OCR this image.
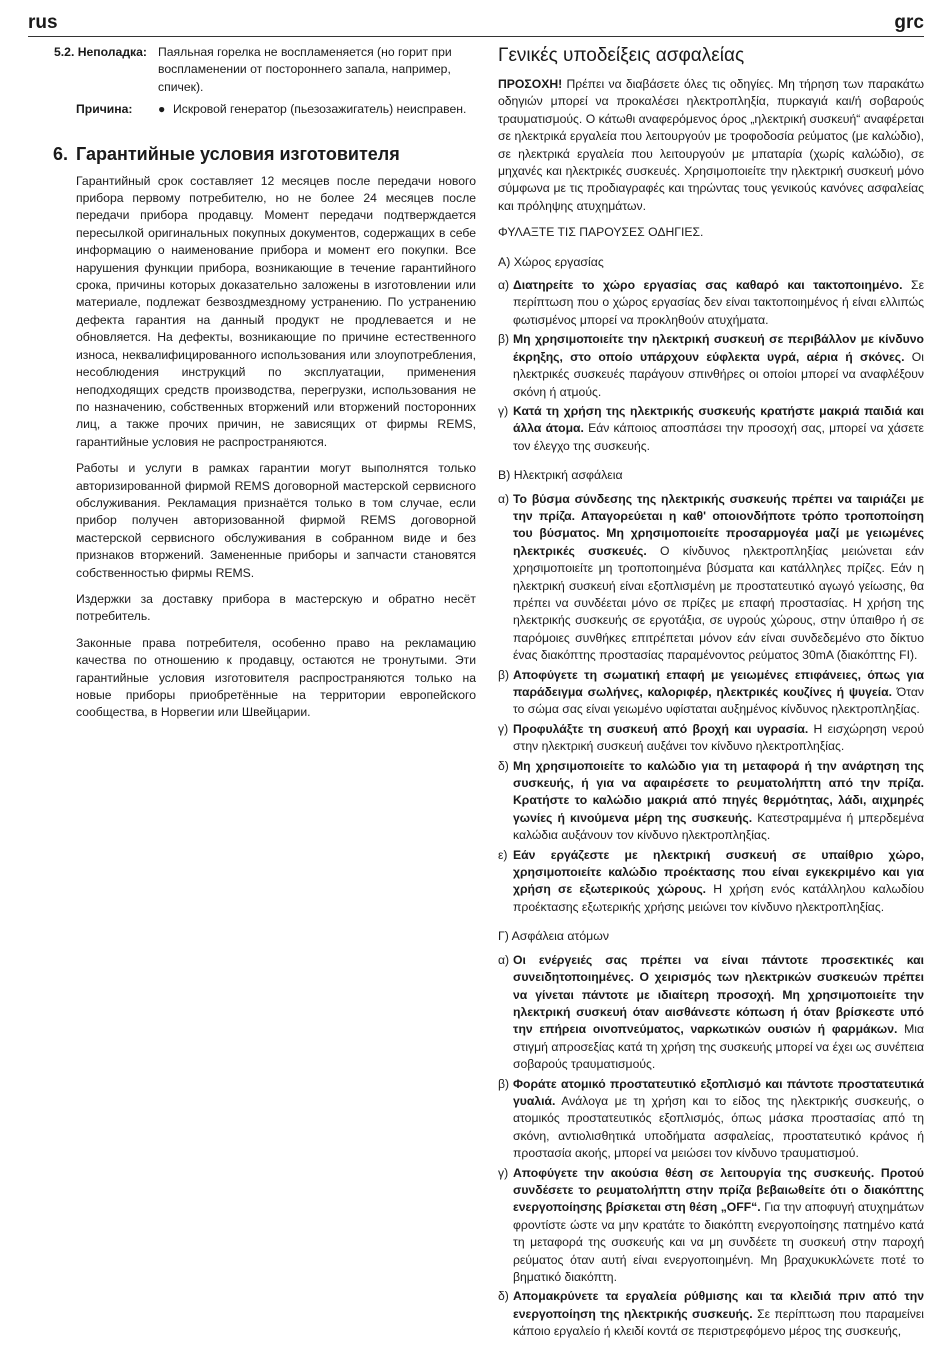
rus	grc
5.2. Неполадка: Паяльная горелка не воспламеняется (но горит при воспламенении от постороннего запала, например, спичек).
Причина:	● Искровой генератор (пьезозажигатель) неисправен.
6. Гарантийные условия изготовителя

Гарантийный срок составляет 12 месяцев после передачи нового прибора первому потребителю, но не более 24 месяцев после передачи прибора продавцу. Момент передачи подтверждается пересылкой оригинальных покупных документов, содержащих в себе информацию о наименование прибора и момент его покупки. Все нарушения функции прибора, возникающие в течение гарантийного срока, причины которых доказательно заложены в изготовлении или материале, подлежат безвоздмездному устранению. По устранению дефекта гарантия на данный продукт не продлевается и не обновляется. На дефекты, возникающие по причине естественного износа, неквалифицированного использования или злоупотребления, несоблюдения инструкций по эксплуатации, применения неподходящих средств производства, перегрузки, использования не по назначению, собственных вторжений или вторжений посторонних лиц, а также прочих причин, не зависящих от фирмы REMS, гарантийные условия не распространяются.

Работы и услуги в рамках гарантии могут выполнятся только авторизированной фирмой REMS договорной мастерской сервисного обслуживания. Рекламация признаётся только в том случае, если прибор получен авторизованной фирмой REMS договорной мастерской сервисного обслуживания в собранном виде и без признаков вторжений. Замененные приборы и запчасти становятся собственностью фирмы REMS.

Издержки за доставку прибора в мастерскую и обратно несёт потребитель.

Законные права потребителя, особенно право на рекламацию качества по отношению к продавцу, остаются не тронутыми. Эти гарантийные условия изготовителя распространяются только на новые приборы приобретённые на территории европейского сообщества, в Норвегии или Швейцарии.

Γενικές υποδείξεις ασφαλείας

ΠΡΟΣΟΧΗ! Πρέπει να διαβάσετε όλες τις οδηγίες. Μη τήρηση των παρακάτω οδηγιών μπορεί να προκαλέσει ηλεκτροπληξία, πυρκαγιά και/ή σοβαρούς τραυματισμούς. Ο κάτωθι αναφερόμενος όρος „ηλεκτρική συσκευή“ αναφέρεται σε ηλεκτρικά εργαλεία που λειτουργούν με τροφοδοσία ρεύματος (με καλώδιο), σε ηλεκτρικά εργαλεία που λειτουργούν με μπαταρία (χωρίς καλώδιο), σε μηχανές και ηλεκτρικές συσκευές. Χρησιμοποιείτε την ηλεκτρική συσκευή μόνο σύμφωνα με τις προδιαγραφές και τηρώντας τους γενικούς κανόνες ασφαλείας και πρόληψης ατυχημάτων.

ΦΥΛΑΞΤΕ ΤΙΣ ΠΑΡΟΥΣΕΣ ΟΔΗΓΙΕΣ.

Α) Χώρος εργασίας
α) Διατηρείτε το χώρο εργασίας σας καθαρό και τακτοποιημένο. Σε περίπτωση που ο χώρος εργασίας δεν είναι τακτοποιημένος ή είναι ελλιπώς φωτισμένος μπορεί να προκληθούν ατυχήματα.
β) Μη χρησιμοποιείτε την ηλεκτρική συσκευή σε περιβάλλον με κίνδυνο έκρηξης, στο οποίο υπάρχουν εύφλεκτα υγρά, αέρια ή σκόνες. Οι ηλεκτρικές συσκευές παράγουν σπινθήρες οι οποίοι μπορεί να αναφλέξουν σκόνη ή ατμούς.
γ) Κατά τη χρήση της ηλεκτρικής συσκευής κρατήστε μακριά παιδιά και άλλα άτομα. Εάν κάποιος αποσπάσει την προσοχή σας, μπορεί να χάσετε τον έλεγχο της συσκευής.
Β) Ηλεκτρική ασφάλεια
α) Το βύσμα σύνδεσης της ηλεκτρικής συσκευής πρέπει να ταιριάζει με την πρίζα. Απαγορεύεται η καθ' οποιονδήποτε τρόπο τροποποίηση του βύσματος. Μη χρησιμοποιείτε προσαρμογέα μαζί με γειωμένες ηλεκτρικές συσκευές. Ο κίνδυνος ηλεκτροπληξίας μειώνεται εάν χρησιμοποιείτε μη τροποποιημένα βύσματα και κατάλληλες πρίζες. Εάν η ηλεκτρική συσκευή είναι εξοπλισμένη με προστατευτικό αγωγό γείωσης, θα πρέπει να συνδέεται μόνο σε πρίζες με επαφή προστασίας. Η χρήση της ηλεκτρικής συσκευής σε εργοτάξια, σε υγρούς χώρους, στην ύπαιθρο ή σε παρόμοιες συνθήκες επιτρέπεται μόνον εάν είναι συνδεδεμένο στο δίκτυο ένας διακόπτης προστασίας παραμένοντος ρεύματος 30mA (διακόπτης FI).
β) Αποφύγετε τη σωματική επαφή με γειωμένες επιφάνειες, όπως για παράδειγμα σωλήνες, καλοριφέρ, ηλεκτρικές κουζίνες ή ψυγεία. Όταν το σώμα σας είναι γειωμένο υφίσταται αυξημένος κίνδυνος ηλεκτροπληξίας.
γ) Προφυλάξτε τη συσκευή από βροχή και υγρασία. Η εισχώρηση νερού στην ηλεκτρική συσκευή αυξάνει τον κίνδυνο ηλεκτροπληξίας.
δ) Μη χρησιμοποιείτε το καλώδιο για τη μεταφορά ή την ανάρτηση της συσκευής, ή για να αφαιρέσετε το ρευματολήπτη από την πρίζα. Κρατήστε το καλώδιο μακριά από πηγές θερμότητας, λάδι, αιχμηρές γωνίες ή κινούμενα μέρη της συσκευής. Κατεστραμμένα ή μπερδεμένα καλώδια αυξάνουν τον κίνδυνο ηλεκτροπληξίας.
ε) Εάν εργάζεστε με ηλεκτρική συσκευή σε υπαίθριο χώρο, χρησιμοποιείτε καλώδιο προέκτασης που είναι εγκεκριμένο και για χρήση σε εξωτερικούς χώρους. Η χρήση ενός κατάλληλου καλωδίου προέκτασης εξωτερικής χρήσης μειώνει τον κίνδυνο ηλεκτροπληξίας.
Γ) Ασφάλεια ατόμων
α) Οι ενέργειές σας πρέπει να είναι πάντοτε προσεκτικές και συνειδητοποιημένες. Ο χειρισμός των ηλεκτρικών συσκευών πρέπει να γίνεται πάντοτε με ιδιαίτερη προσοχή. Μη χρησιμοποιείτε την ηλεκτρική συσκευή όταν αισθάνεστε κόπωση ή όταν βρίσκεστε υπό την επήρεια οινοπνεύματος, ναρκωτικών ουσιών ή φαρμάκων. Μια στιγμή απροσεξίας κατά τη χρήση της συσκευής μπορεί να έχει ως συνέπεια σοβαρούς τραυματισμούς.
β) Φοράτε ατομικό προστατευτικό εξοπλισμό και πάντοτε προστατευτικά γυαλιά. Ανάλογα με τη χρήση και το είδος της ηλεκτρικής συσκευής, ο ατομικός προστατευτικός εξοπλισμός, όπως μάσκα προστασίας από τη σκόνη, αντιολισθητικά υποδήματα ασφαλείας, προστατευτικό κράνος ή προστασία ακοής, μπορεί να μειώσει τον κίνδυνο τραυματισμού.
γ) Αποφύγετε την ακούσια θέση σε λειτουργία της συσκευής. Προτού συνδέσετε το ρευματολήπτη στην πρίζα βεβαιωθείτε ότι ο διακόπτης ενεργοποίησης βρίσκεται στη θέση „OFF“. Για την αποφυγή ατυχημάτων φροντίστε ώστε να μην κρατάτε το διακόπτη ενεργοποίησης πατημένο κατά τη μεταφορά της συσκευής και να μη συνδέετε τη συσκευή στην παροχή ρεύματος όταν αυτή είναι ενεργοποιημένη. Μη βραχυκυκλώνετε ποτέ το βηματικό διακόπτη.
δ) Απομακρύνετε τα εργαλεία ρύθμισης και τα κλειδιά πριν από την ενεργοποίηση της ηλεκτρικής συσκευής. Σε περίπτωση που παραμείνει κάποιο εργαλείο ή κλειδί κοντά σε περιστρεφόμενο μέρος της συσκευής,
